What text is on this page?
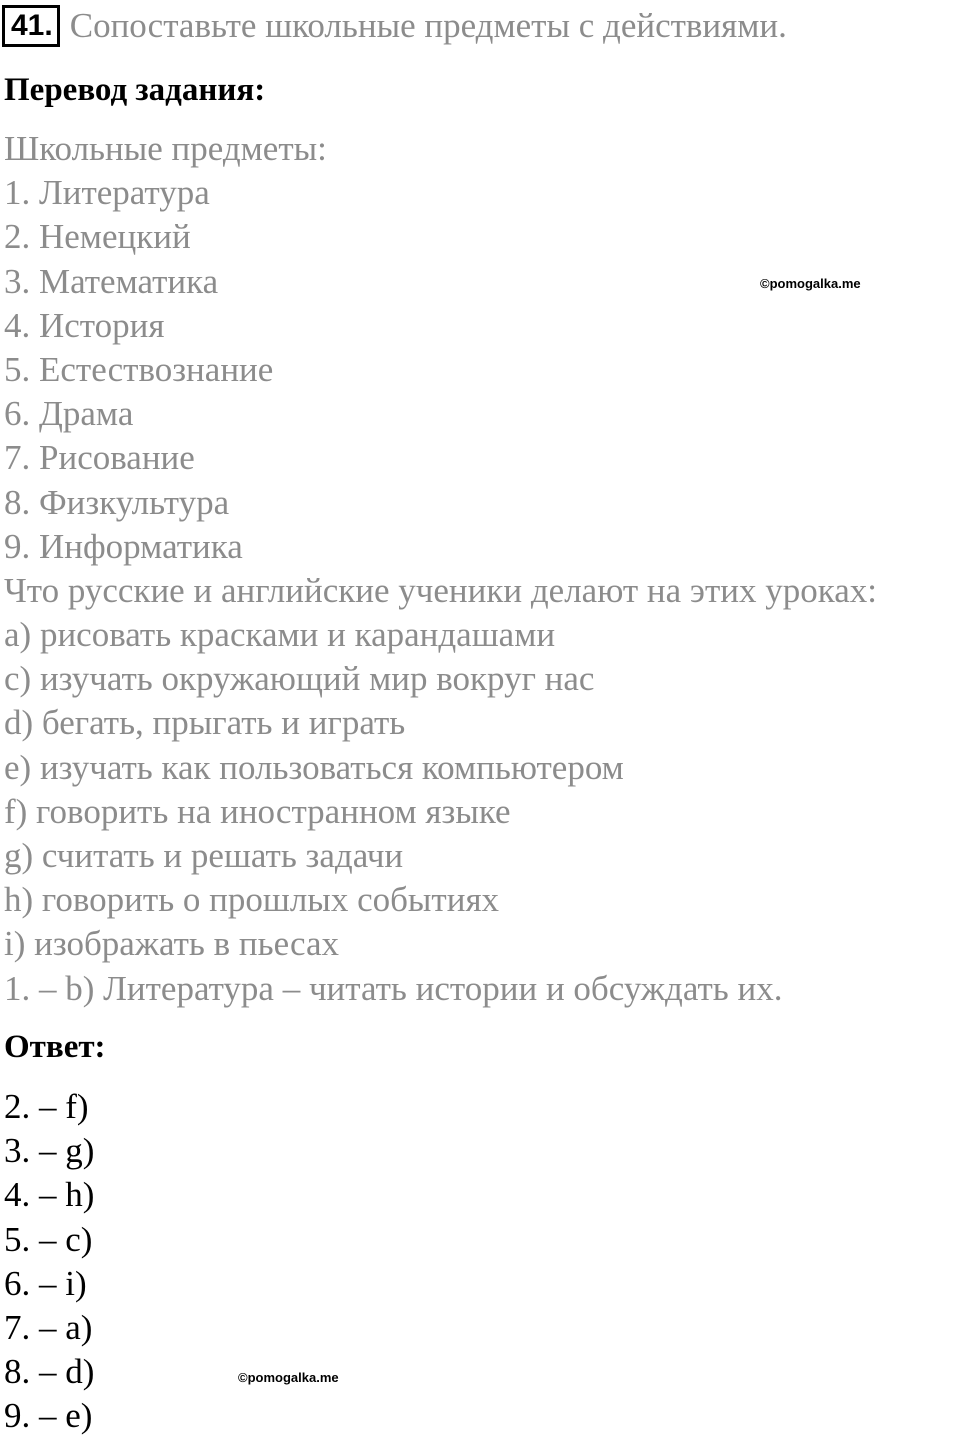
41. Сопоставьте школьные предметы с действиями.
Перевод задания:
Школьные предметы:
1. Литература
2. Немецкий
3. Математика
4. История
5. Естествознание
6. Драма
7. Рисование
8. Физкультура
9. Информатика
Что русские и английские ученики делают на этих уроках:
a) рисовать красками и карандашами
c) изучать окружающий мир вокруг нас
d) бегать, прыгать и играть
e) изучать как пользоваться компьютером
f) говорить на иностранном языке
g) считать и решать задачи
h) говорить о прошлых событиях
i) изображать в пьесах
1. – b) Литература – читать истории и обсуждать их.
Ответ:
2. – f)
3. – g)
4. – h)
5. – c)
6. – i)
7. – a)
8. – d)
9. – e)
©pomogalka.me
©pomogalka.me
